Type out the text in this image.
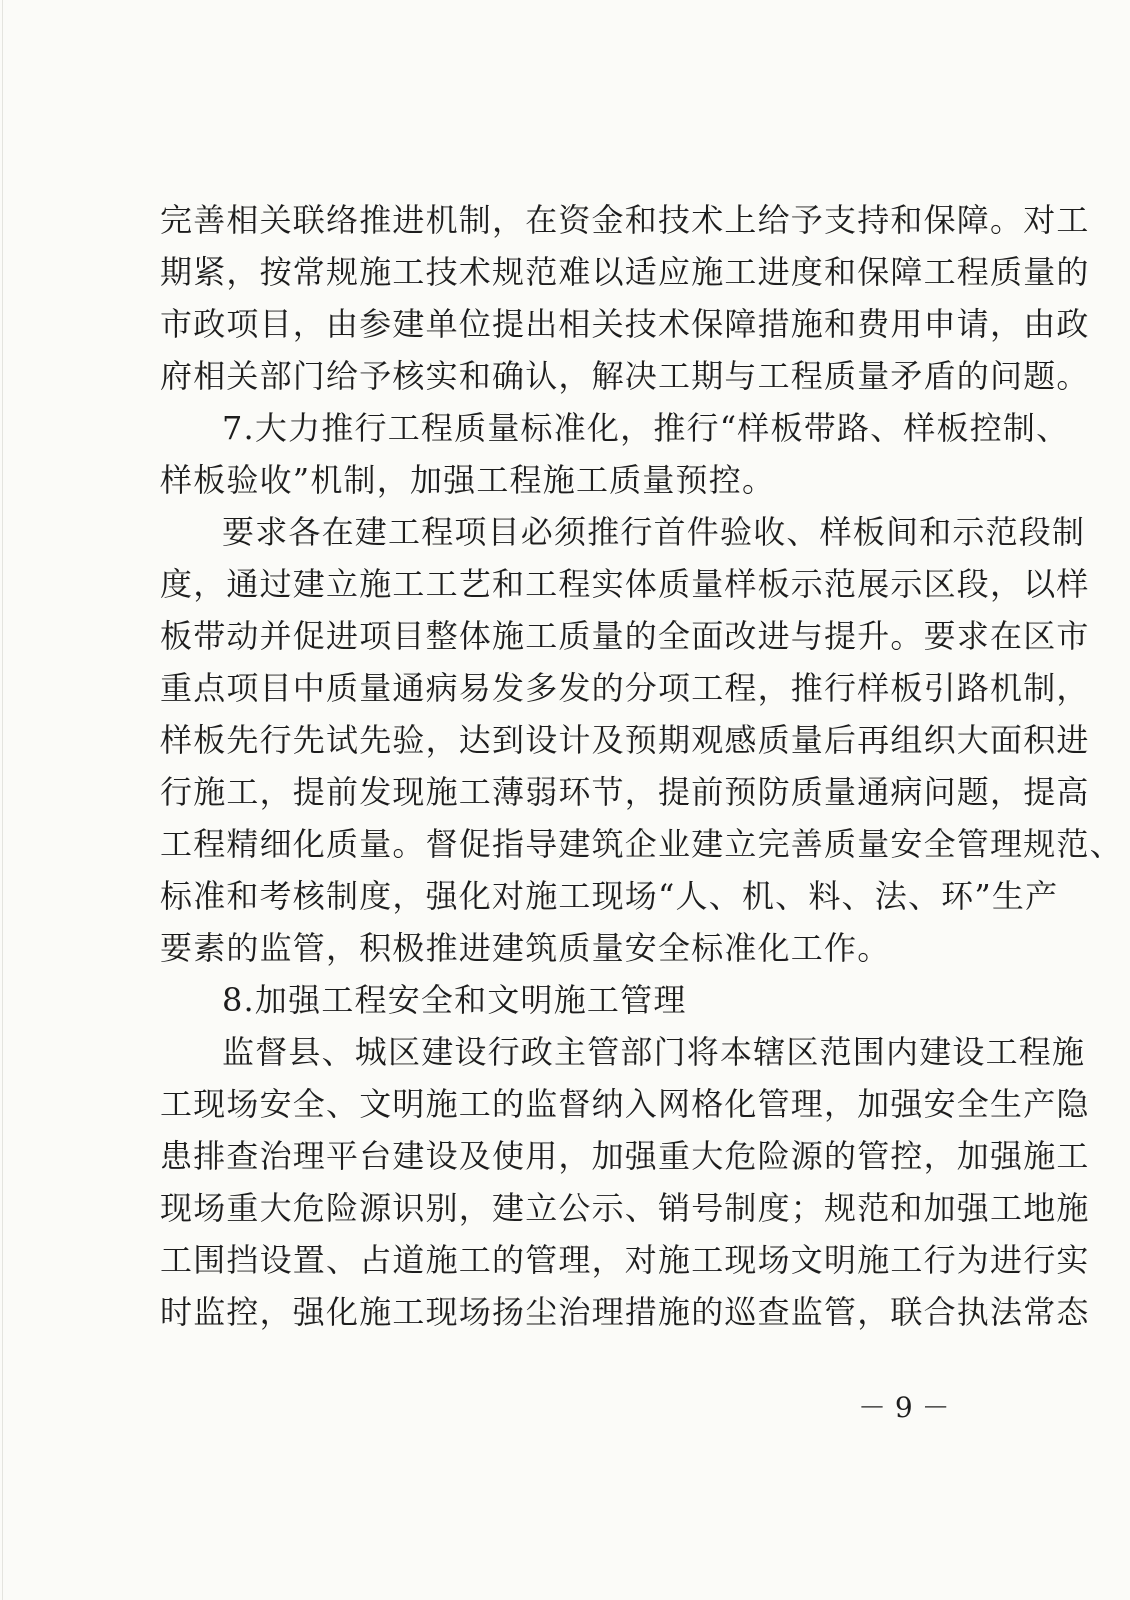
完善相关联络推进机制，在资金和技术上给予支持和保障。对工
期紧，按常规施工技术规范难以适应施工进度和保障工程质量的
市政项目，由参建单位提出相关技术保障措施和费用申请，由政
府相关部门给予核实和确认，解决工期与工程质量矛盾的问题。
7.大力推行工程质量标准化，推行“样板带路、样板控制、
样板验收”机制，加强工程施工质量预控。
要求各在建工程项目必须推行首件验收、样板间和示范段制
度，通过建立施工工艺和工程实体质量样板示范展示区段，以样
板带动并促进项目整体施工质量的全面改进与提升。要求在区市
重点项目中质量通病易发多发的分项工程，推行样板引路机制，
样板先行先试先验，达到设计及预期观感质量后再组织大面积进
行施工，提前发现施工薄弱环节，提前预防质量通病问题，提高
工程精细化质量。督促指导建筑企业建立完善质量安全管理规范、
标准和考核制度，强化对施工现场“人、机、料、法、环”生产
要素的监管，积极推进建筑质量安全标准化工作。
8.加强工程安全和文明施工管理
监督县、城区建设行政主管部门将本辖区范围内建设工程施
工现场安全、文明施工的监督纳入网格化管理，加强安全生产隐
患排查治理平台建设及使用，加强重大危险源的管控，加强施工
现场重大危险源识别，建立公示、销号制度；规范和加强工地施
工围挡设置、占道施工的管理，对施工现场文明施工行为进行实
时监控，强化施工现场扬尘治理措施的巡查监管，联合执法常态
－ 9 －
